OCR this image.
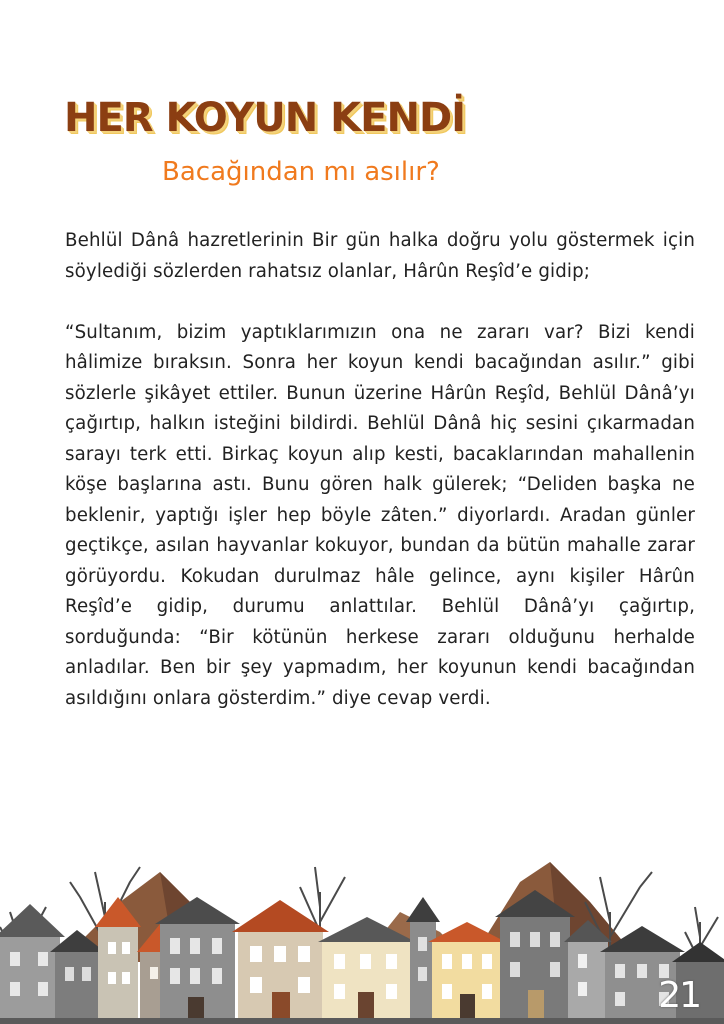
HER KOYUN KENDİ
Bacağından mı asılır?

Behlül Dânâ hazretlerinin Bir gün halka doğru yolu göstermek için söylediği sözlerden rahatsız olanlar, Hârûn Reşîd’e gidip;

“Sultanım, bizim yaptıklarımızın ona ne zararı var? Bizi kendi hâlimize bıraksın. Sonra her koyun kendi bacağından asılır.” gibi sözlerle şikâyet ettiler. Bunun üzerine Hârûn Reşîd, Behlül Dânâ’yı çağırtıp, halkın isteğini bildirdi. Behlül Dânâ hiç sesini çıkarmadan sarayı terk etti. Birkaç koyun alıp kesti, bacaklarından mahallenin köşe başlarına astı. Bunu gören halk gülerek; “Deliden başka ne beklenir, yaptığı işler hep böyle zâten.” diyorlardı. Aradan günler geçtikçe, asılan hayvanlar kokuyor, bundan da bütün mahalle zarar görüyordu. Kokudan durulmaz hâle gelince, aynı kişiler Hârûn Reşîd’e gidip, durumu anlattılar. Behlül Dânâ’yı çağırtıp, sorduğunda: “Bir kötünün herkese zararı olduğunu herhalde anladılar. Ben bir şey yapmadım, her koyunun kendi bacağından asıldığını onlara gösterdim.” diye cevap verdi.

21
